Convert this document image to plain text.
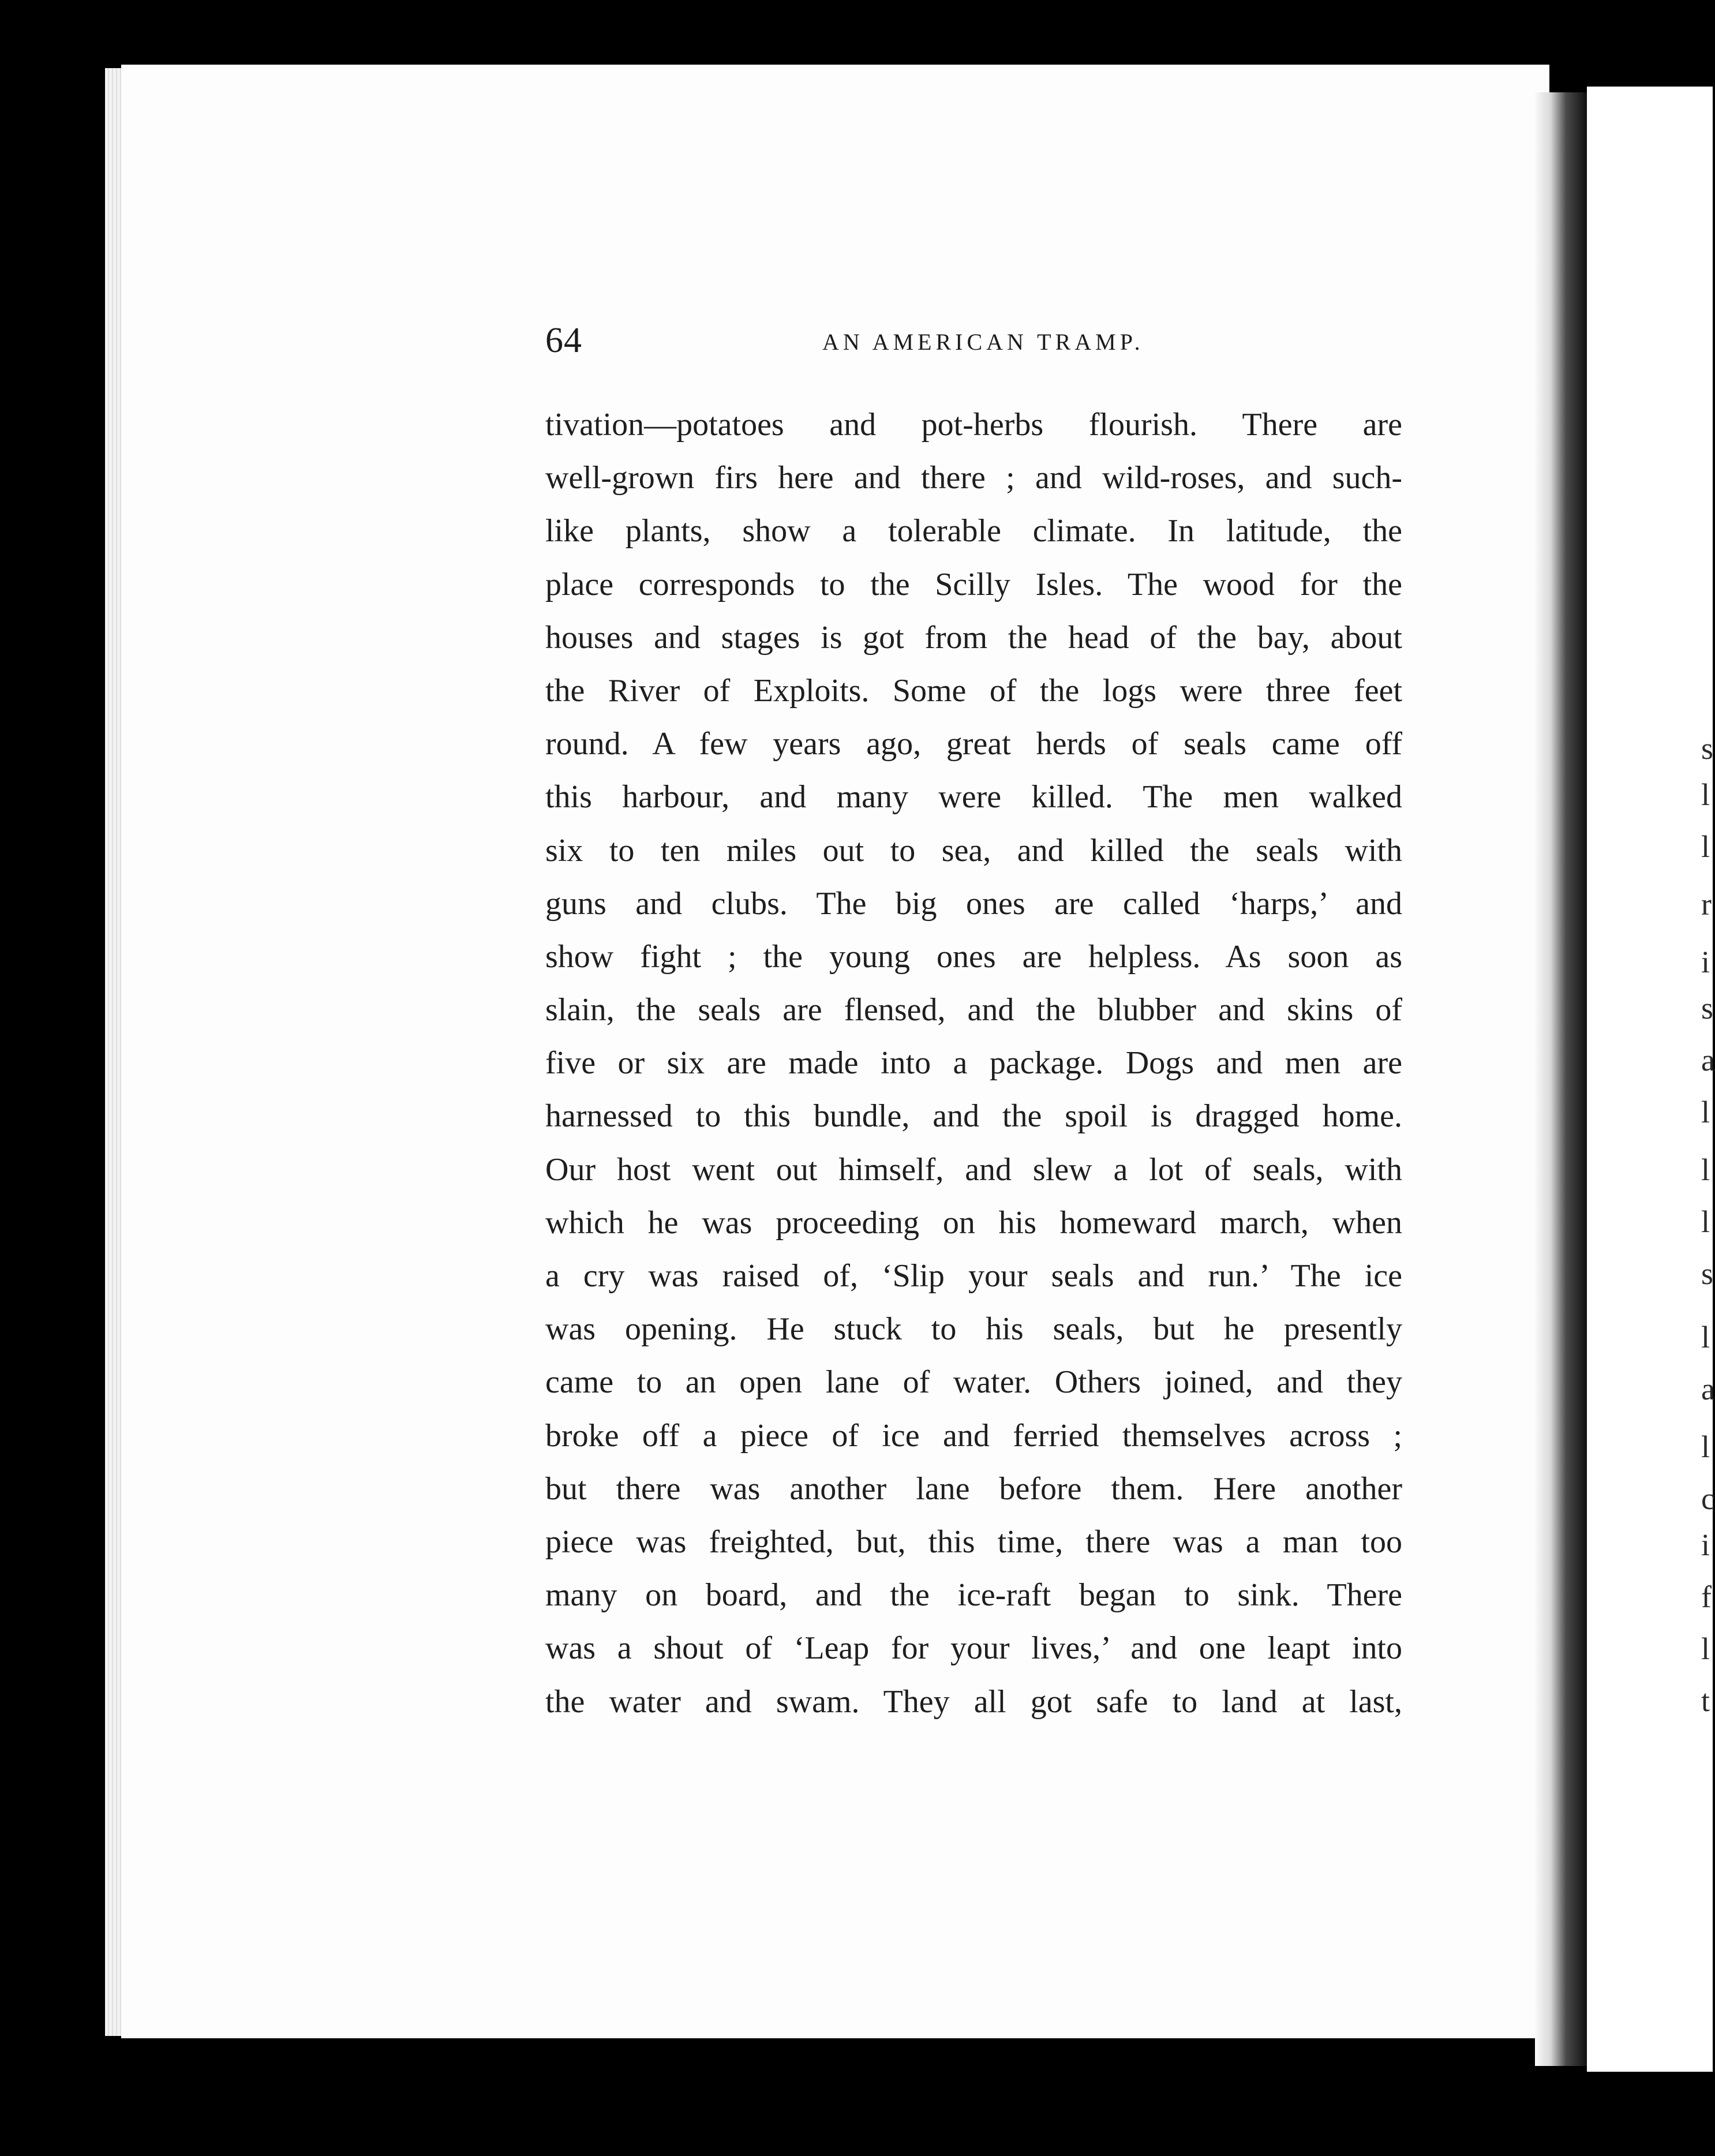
s
l
l
r
i
s
a
l
l
l
s
l
a
l
c
i
f
l
t
64	AN AMERICAN TRAMP.
tivation—potatoes and pot-herbs flourish. There are
well-grown firs here and there ; and wild-roses, and such-
like plants, show a tolerable climate. In latitude, the
place corresponds to the Scilly Isles. The wood for the
houses and stages is got from the head of the bay, about
the River of Exploits. Some of the logs were three feet
round. A few years ago, great herds of seals came off
this harbour, and many were killed. The men walked
six to ten miles out to sea, and killed the seals with
guns and clubs. The big ones are called ‘harps,’ and
show fight ; the young ones are helpless. As soon as
slain, the seals are flensed, and the blubber and skins of
five or six are made into a package. Dogs and men are
harnessed to this bundle, and the spoil is dragged home.
Our host went out himself, and slew a lot of seals, with
which he was proceeding on his homeward march, when
a cry was raised of, ‘Slip your seals and run.’ The ice
was opening. He stuck to his seals, but he presently
came to an open lane of water. Others joined, and they
broke off a piece of ice and ferried themselves across ;
but there was another lane before them. Here another
piece was freighted, but, this time, there was a man too
many on board, and the ice-raft began to sink. There
was a shout of ‘Leap for your lives,’ and one leapt into
the water and swam. They all got safe to land at last,
